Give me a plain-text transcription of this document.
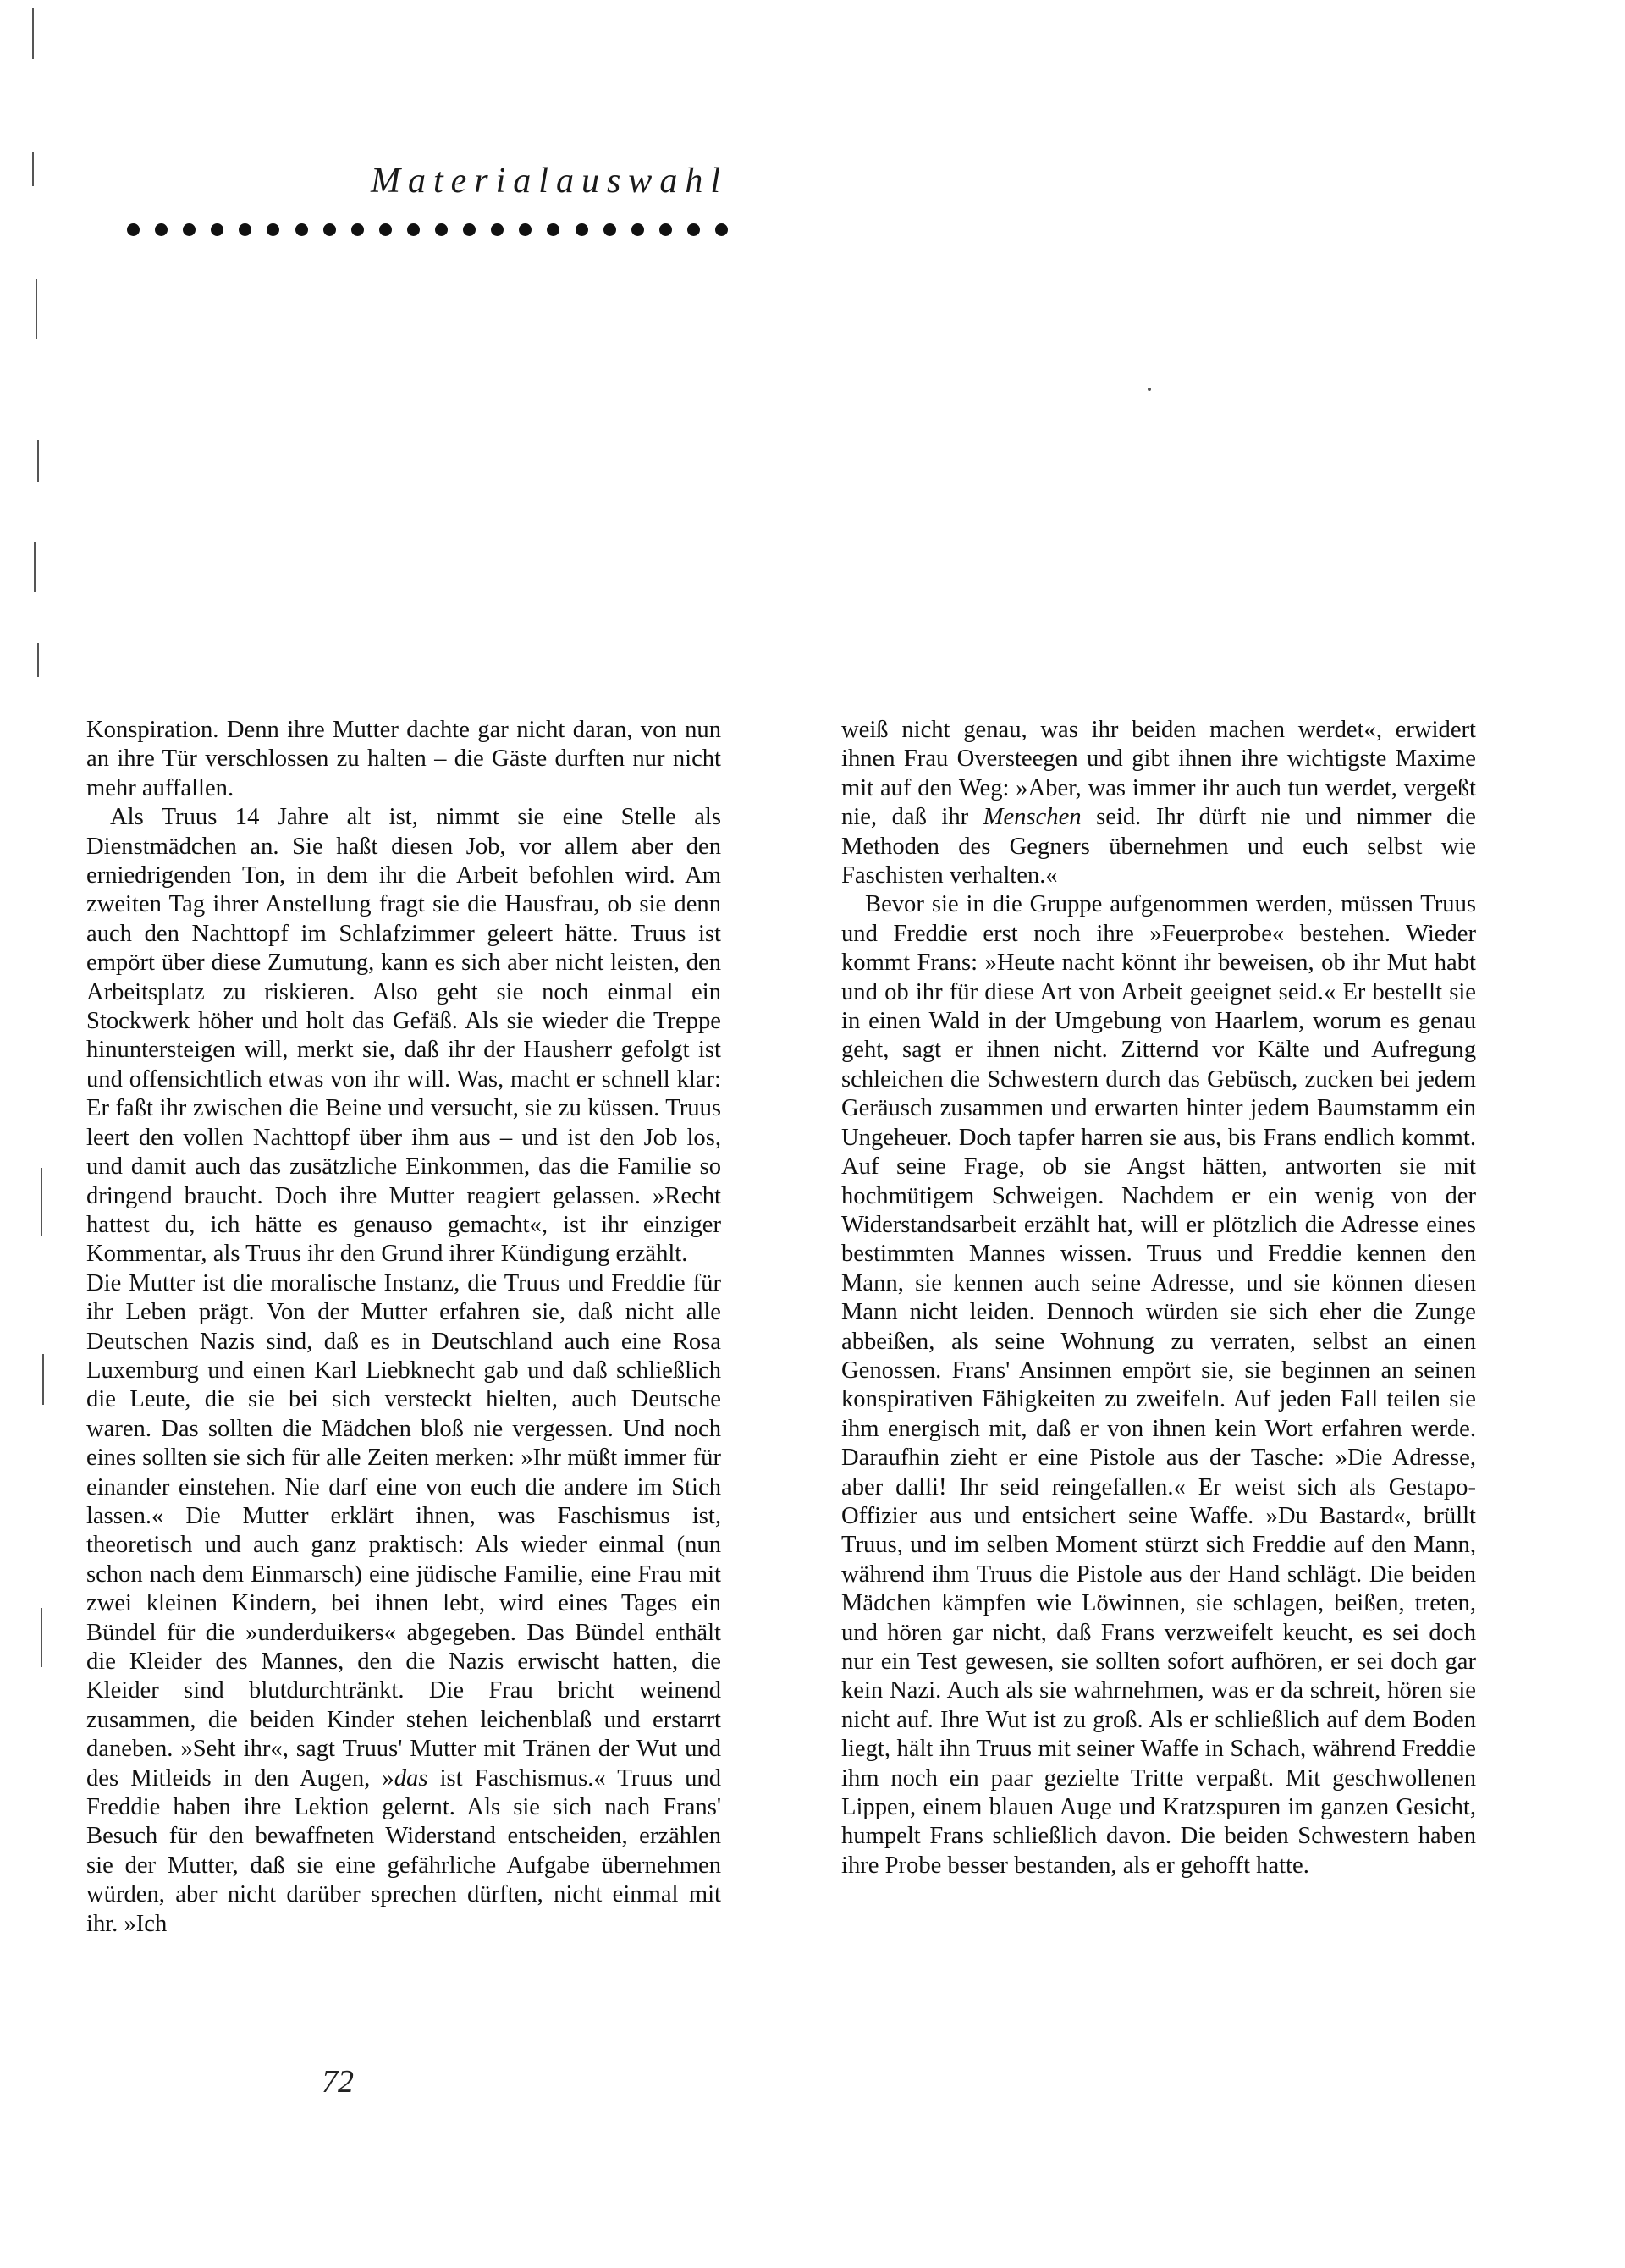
Materialauswahl

Konspiration. Denn ihre Mutter dachte gar nicht daran, von nun an ihre Tür verschlossen zu halten – die Gäste durften nur nicht mehr auffallen.

Als Truus 14 Jahre alt ist, nimmt sie eine Stelle als Dienstmädchen an. Sie haßt diesen Job, vor allem aber den erniedrigenden Ton, in dem ihr die Arbeit befohlen wird. Am zweiten Tag ihrer Anstellung fragt sie die Hausfrau, ob sie denn auch den Nachttopf im Schlafzimmer geleert hätte. Truus ist empört über diese Zumutung, kann es sich aber nicht leisten, den Arbeitsplatz zu riskieren. Also geht sie noch einmal ein Stockwerk höher und holt das Gefäß. Als sie wieder die Treppe hinuntersteigen will, merkt sie, daß ihr der Hausherr gefolgt ist und offensichtlich etwas von ihr will. Was, macht er schnell klar: Er faßt ihr zwischen die Beine und versucht, sie zu küssen. Truus leert den vollen Nachttopf über ihm aus – und ist den Job los, und damit auch das zusätzliche Einkommen, das die Familie so dringend braucht. Doch ihre Mutter reagiert gelassen. »Recht hattest du, ich hätte es genauso gemacht«, ist ihr einziger Kommentar, als Truus ihr den Grund ihrer Kündigung erzählt.

Die Mutter ist die moralische Instanz, die Truus und Freddie für ihr Leben prägt. Von der Mutter erfahren sie, daß nicht alle Deutschen Nazis sind, daß es in Deutschland auch eine Rosa Luxemburg und einen Karl Liebknecht gab und daß schließlich die Leute, die sie bei sich versteckt hielten, auch Deutsche waren. Das sollten die Mädchen bloß nie vergessen. Und noch eines sollten sie sich für alle Zeiten merken: »Ihr müßt immer für einander einstehen. Nie darf eine von euch die andere im Stich lassen.« Die Mutter erklärt ihnen, was Faschismus ist, theoretisch und auch ganz praktisch: Als wieder einmal (nun schon nach dem Einmarsch) eine jüdische Familie, eine Frau mit zwei kleinen Kindern, bei ihnen lebt, wird eines Tages ein Bündel für die »underduikers« abgegeben. Das Bündel enthält die Kleider des Mannes, den die Nazis erwischt hatten, die Kleider sind blutdurchtränkt. Die Frau bricht weinend zusammen, die beiden Kinder stehen leichenblaß und erstarrt daneben. »Seht ihr«, sagt Truus' Mutter mit Tränen der Wut und des Mitleids in den Augen, »das ist Faschismus.« Truus und Freddie haben ihre Lektion gelernt. Als sie sich nach Frans' Besuch für den bewaffneten Widerstand entscheiden, erzählen sie der Mutter, daß sie eine gefährliche Aufgabe übernehmen würden, aber nicht darüber sprechen dürften, nicht einmal mit ihr. »Ich

weiß nicht genau, was ihr beiden machen werdet«, erwidert ihnen Frau Oversteegen und gibt ihnen ihre wichtigste Maxime mit auf den Weg: »Aber, was immer ihr auch tun werdet, vergeßt nie, daß ihr Menschen seid. Ihr dürft nie und nimmer die Methoden des Gegners übernehmen und euch selbst wie Faschisten verhalten.«

Bevor sie in die Gruppe aufgenommen werden, müssen Truus und Freddie erst noch ihre »Feuerprobe« bestehen. Wieder kommt Frans: »Heute nacht könnt ihr beweisen, ob ihr Mut habt und ob ihr für diese Art von Arbeit geeignet seid.« Er bestellt sie in einen Wald in der Umgebung von Haarlem, worum es genau geht, sagt er ihnen nicht. Zitternd vor Kälte und Aufregung schleichen die Schwestern durch das Gebüsch, zucken bei jedem Geräusch zusammen und erwarten hinter jedem Baumstamm ein Ungeheuer. Doch tapfer harren sie aus, bis Frans endlich kommt. Auf seine Frage, ob sie Angst hätten, antworten sie mit hochmütigem Schweigen. Nachdem er ein wenig von der Widerstandsarbeit erzählt hat, will er plötzlich die Adresse eines bestimmten Mannes wissen. Truus und Freddie kennen den Mann, sie kennen auch seine Adresse, und sie können diesen Mann nicht leiden. Dennoch würden sie sich eher die Zunge abbeißen, als seine Wohnung zu verraten, selbst an einen Genossen. Frans' Ansinnen empört sie, sie beginnen an seinen konspirativen Fähigkeiten zu zweifeln. Auf jeden Fall teilen sie ihm energisch mit, daß er von ihnen kein Wort erfahren werde. Daraufhin zieht er eine Pistole aus der Tasche: »Die Adresse, aber dalli! Ihr seid reingefallen.« Er weist sich als Gestapo-Offizier aus und entsichert seine Waffe. »Du Bastard«, brüllt Truus, und im selben Moment stürzt sich Freddie auf den Mann, während ihm Truus die Pistole aus der Hand schlägt. Die beiden Mädchen kämpfen wie Löwinnen, sie schlagen, beißen, treten, und hören gar nicht, daß Frans verzweifelt keucht, es sei doch nur ein Test gewesen, sie sollten sofort aufhören, er sei doch gar kein Nazi. Auch als sie wahrnehmen, was er da schreit, hören sie nicht auf. Ihre Wut ist zu groß. Als er schließlich auf dem Boden liegt, hält ihn Truus mit seiner Waffe in Schach, während Freddie ihm noch ein paar gezielte Tritte verpaßt. Mit geschwollenen Lippen, einem blauen Auge und Kratzspuren im ganzen Gesicht, humpelt Frans schließlich davon. Die beiden Schwestern haben ihre Probe besser bestanden, als er gehofft hatte.

72
